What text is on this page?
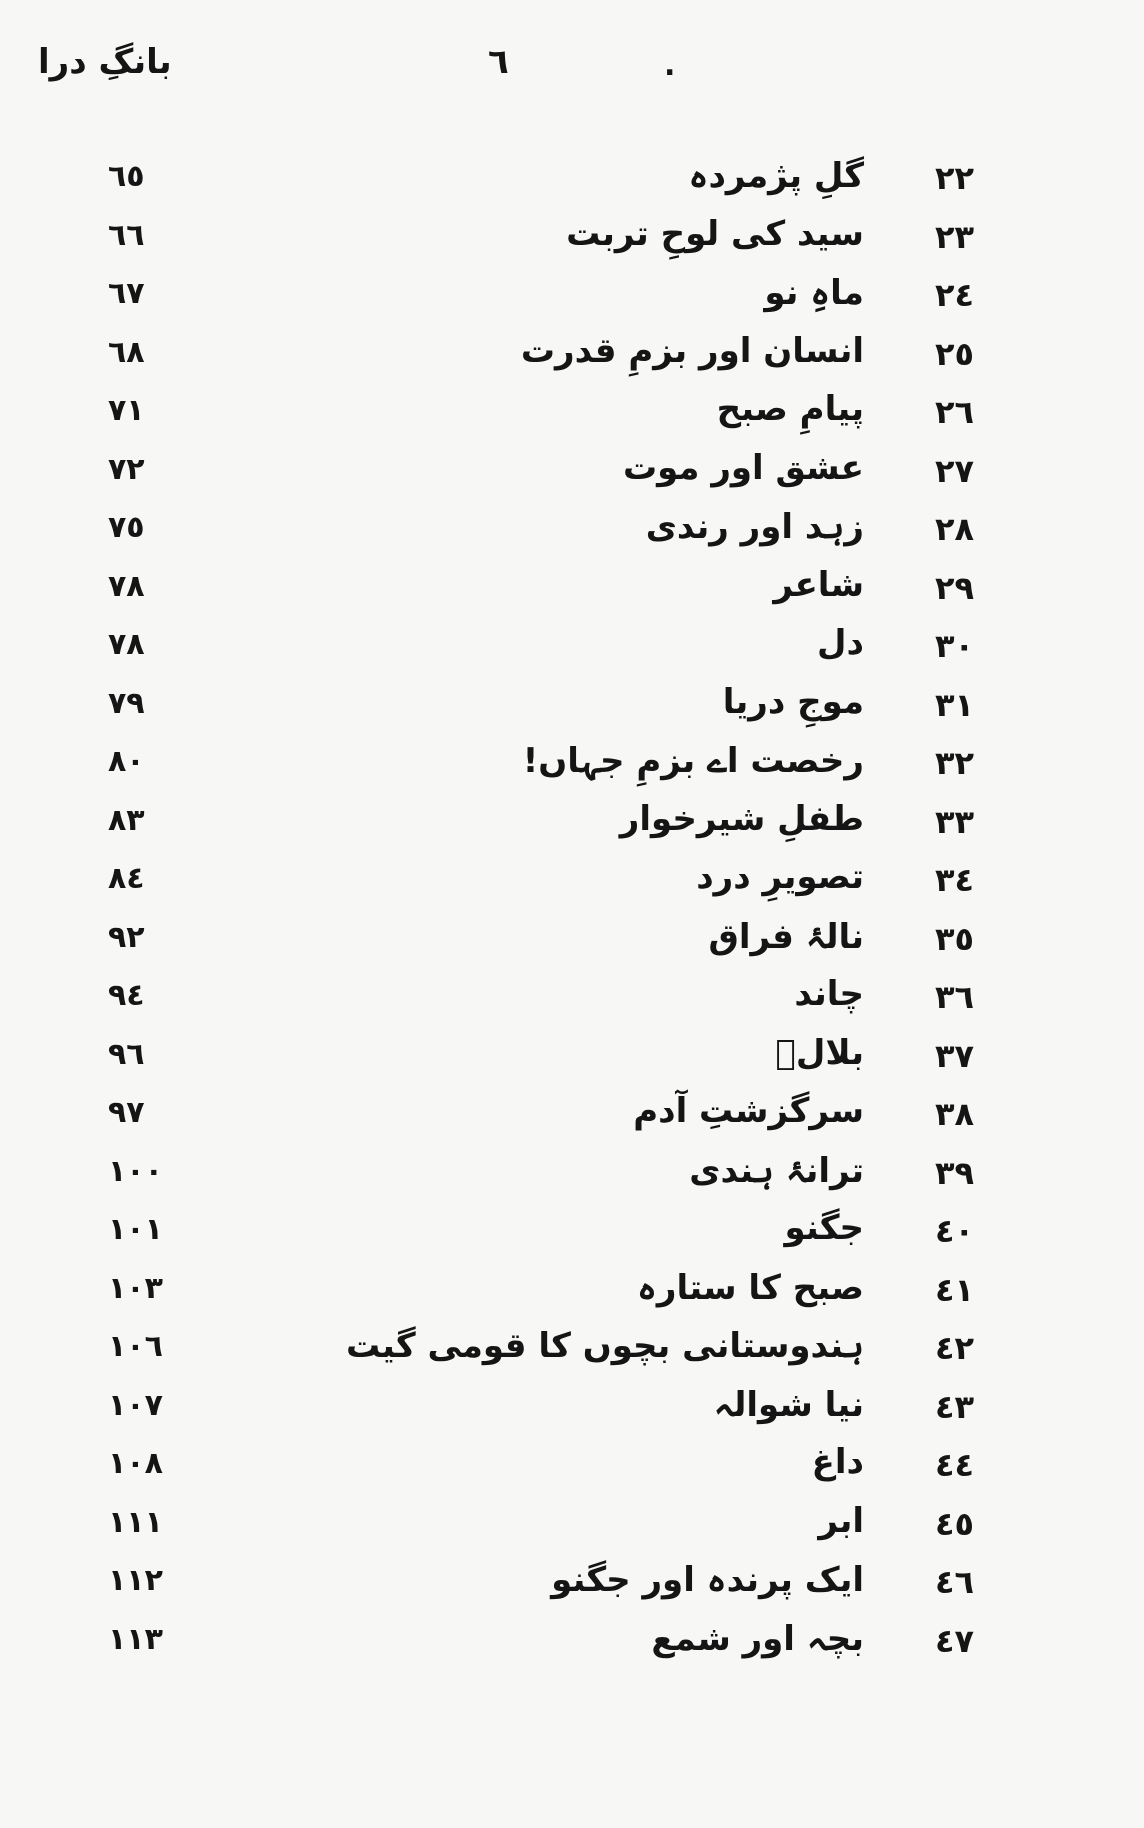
بانگِ درا	٦	.
٢٢
گلِ پژمردہ
٦٥
٢٣
سید کی لوحِ تربت
٦٦
٢٤
ماہِ نو
٦٧
٢٥
انسان اور بزمِ قدرت
٦٨
٢٦
پیامِ صبح
٧١
٢٧
عشق اور موت
٧٢
٢٨
زہد اور رندی
٧٥
٢٩
شاعر
٧٨
٣٠
دل
٧٨
٣١
موجِ دریا
٧٩
٣٢
رخصت اے بزمِ جہاں!
٨٠
٣٣
طفلِ شیرخوار
٨٣
٣٤
تصویرِ درد
٨٤
٣٥
نالۂ فراق
٩٢
٣٦
چاند
٩٤
٣٧
بلالؓ
٩٦
٣٨
سرگزشتِ آدم
٩٧
٣٩
ترانۂ ہندی
١٠٠
٤٠
جگنو
١٠١
٤١
صبح کا ستارہ
١٠٣
٤٢
ہندوستانی بچوں کا قومی گیت
١٠٦
٤٣
نیا شوالہ
١٠٧
٤٤
داغ
١٠٨
٤٥
ابر
١١١
٤٦
ایک پرندہ اور جگنو
١١٢
٤٧
بچہ اور شمع
١١٣
